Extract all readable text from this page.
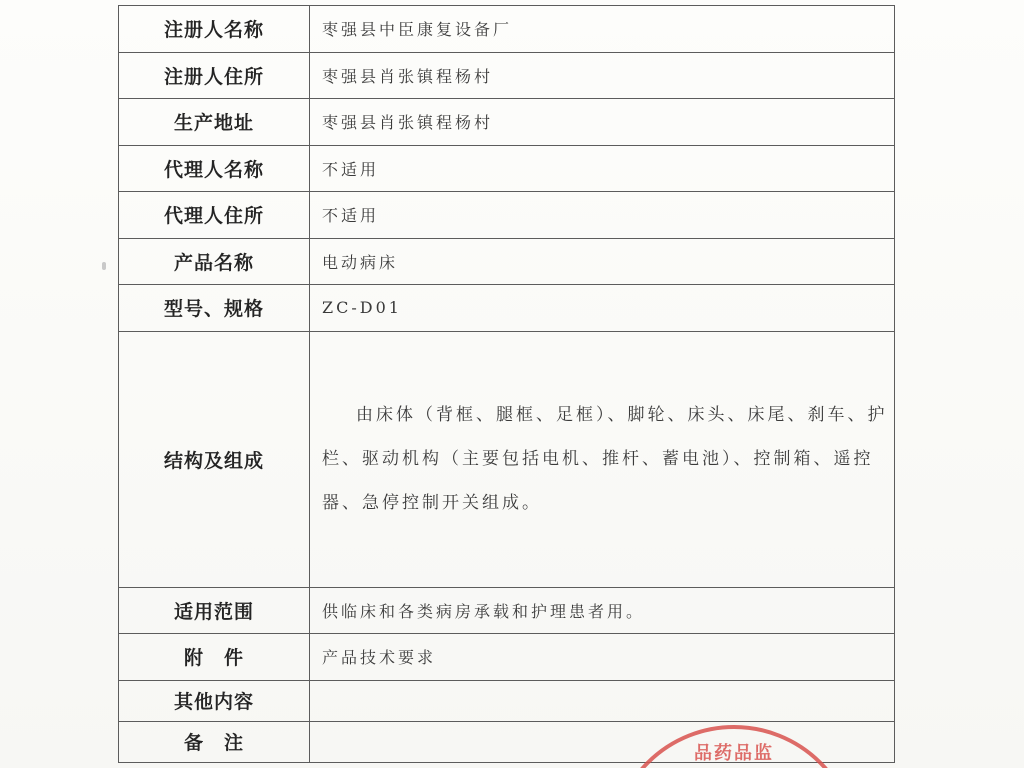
注册人名称	枣强县中臣康复设备厂
注册人住所	枣强县肖张镇程杨村
生产地址	枣强县肖张镇程杨村
代理人名称	不适用
代理人住所	不适用
产品名称	电动病床
型号、规格	ZC-D01
结构及组成	由床体（背框、腿框、足框）、脚轮、床头、床尾、刹车、护栏、驱动机构（主要包括电机、推杆、蓄电池）、控制箱、遥控器、急停控制开关组成。

适用范围	供临床和各类病房承载和护理患者用。
附　件	产品技术要求
其他内容	
备　注		品药品监
